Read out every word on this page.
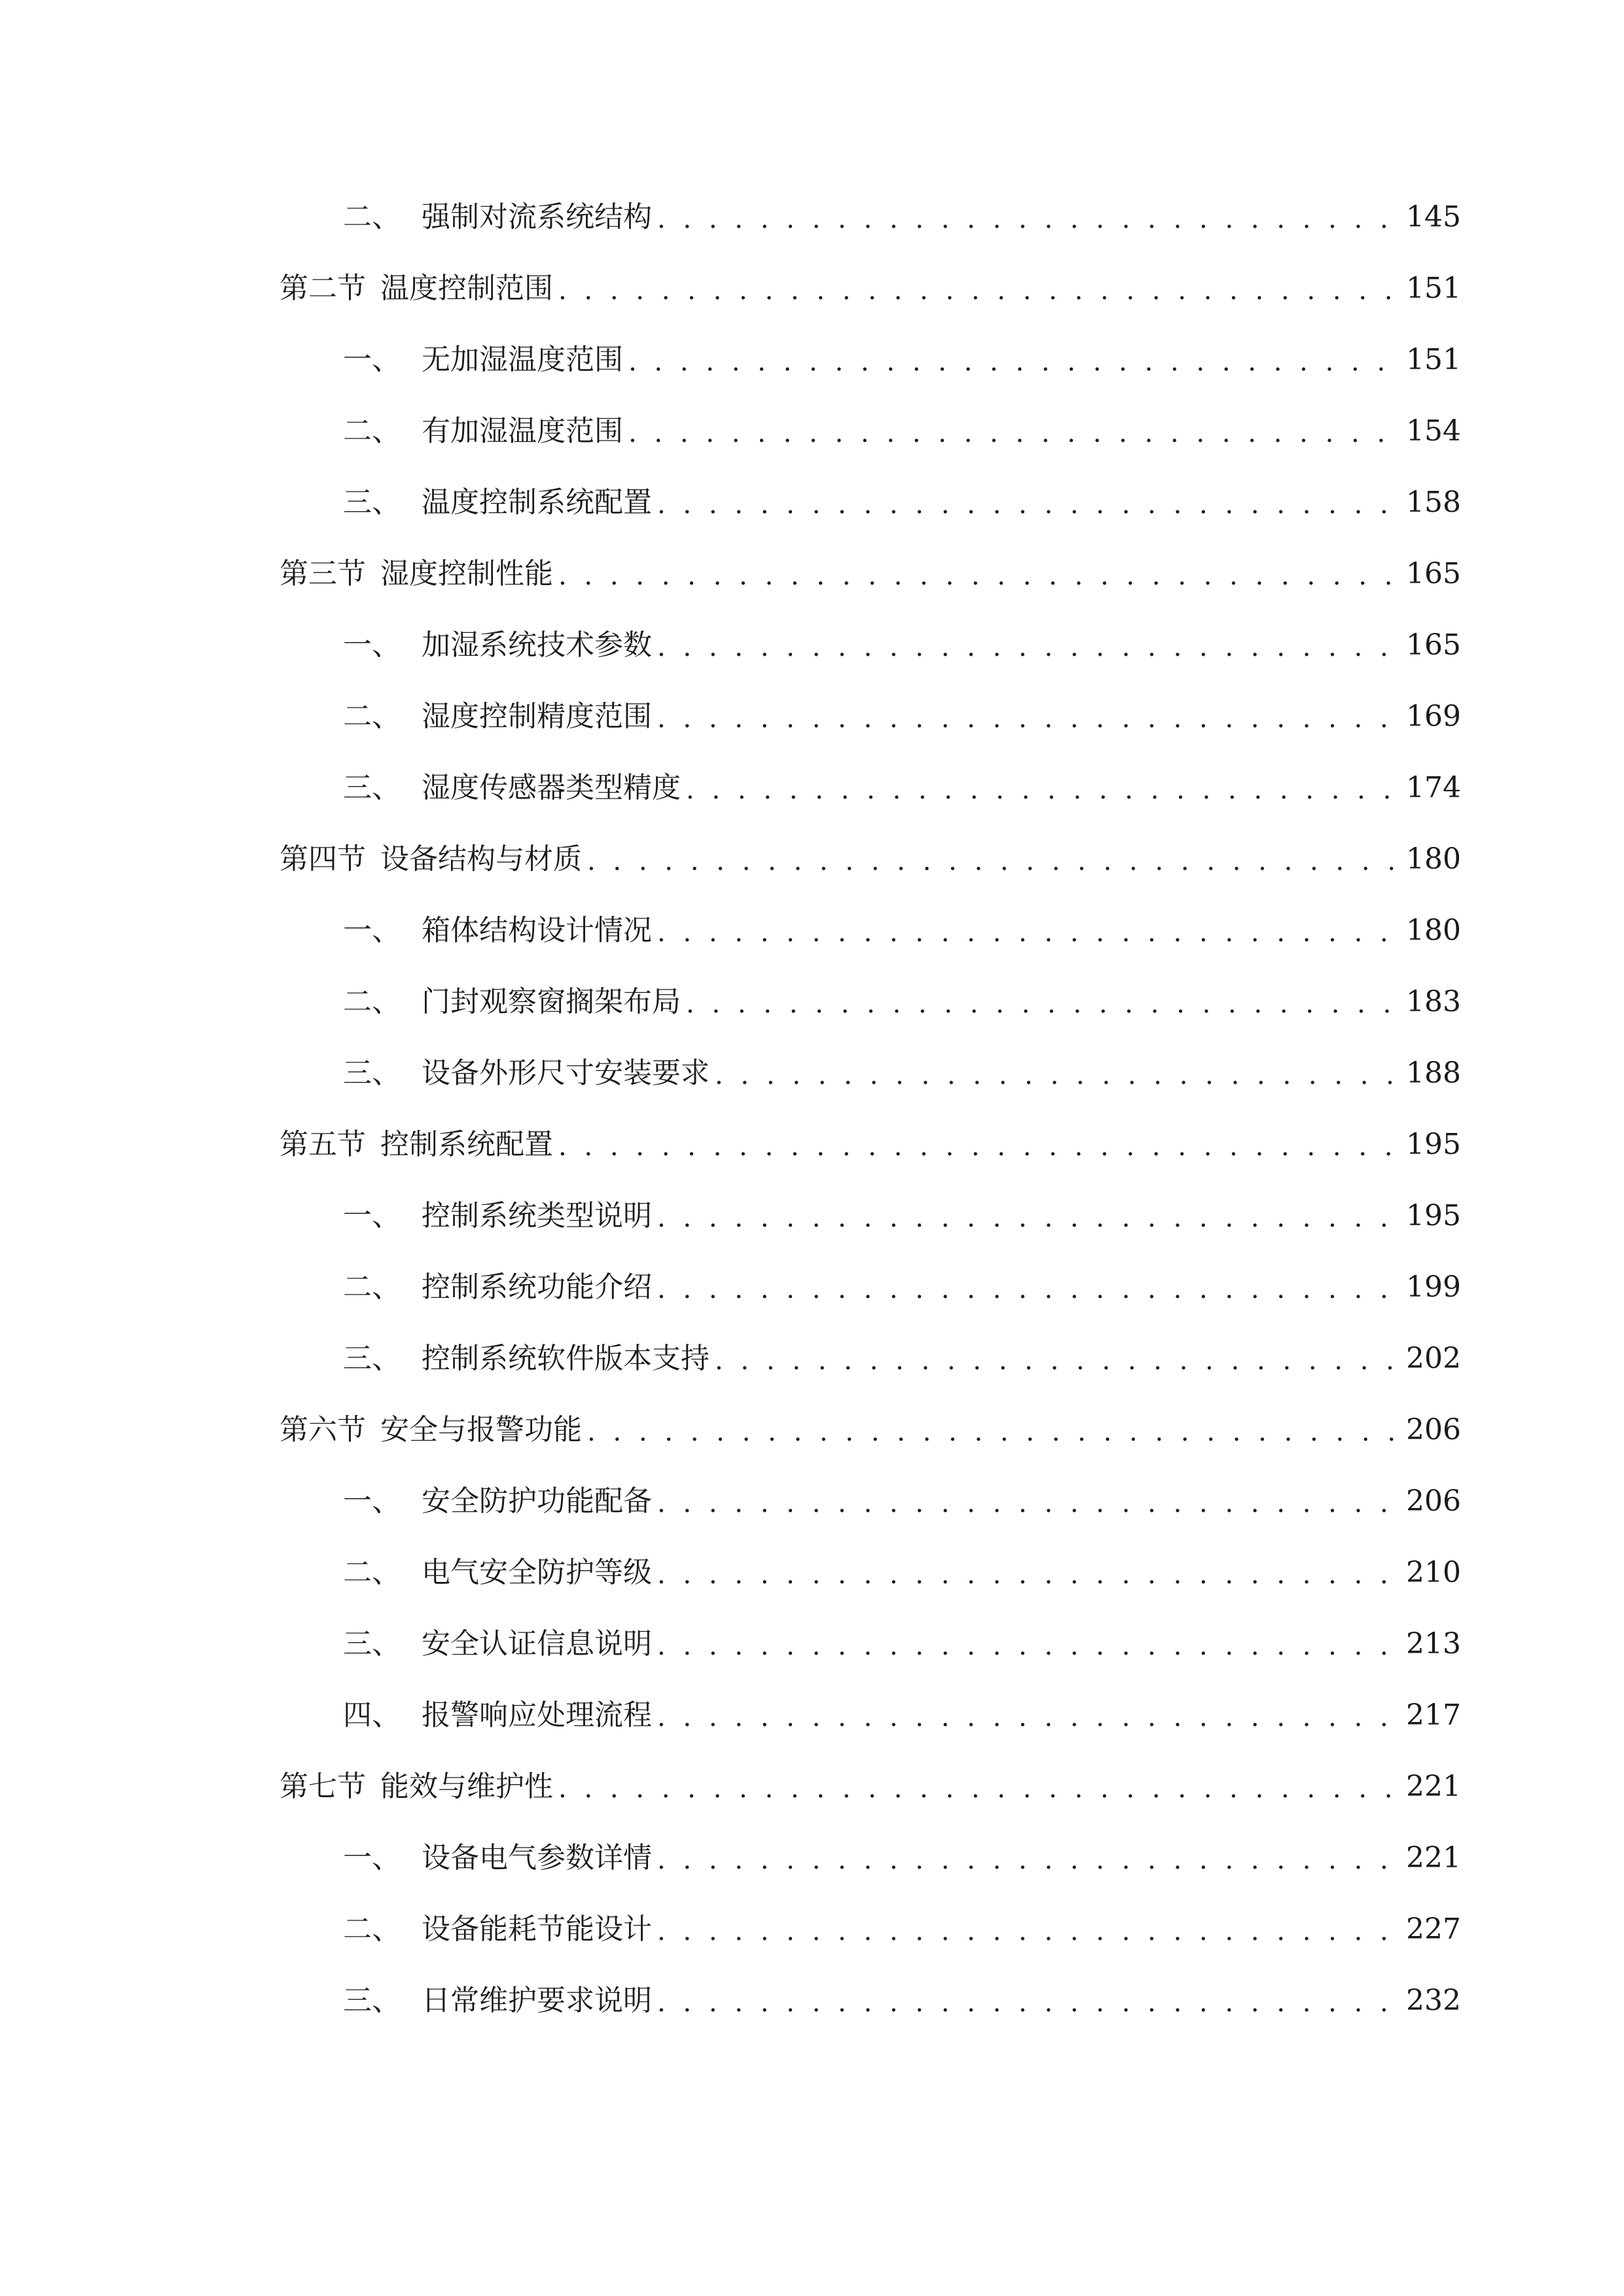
二、 强制对流系统结构 . . .	145
第二节 温度控制范围 . . .	151
一、 无加湿温度范围 . . .	151
二、 有加湿温度范围 . . .	154
三、 温度控制系统配置 . . .	158
第三节 湿度控制性能 . . .	165
一、 加湿系统技术参数 . . .	165
二、 湿度控制精度范围 . . .	169
三、 湿度传感器类型精度 . . .	174
第四节 设备结构与材质 . . .	180
一、 箱体结构设计情况 . . .	180
二、 门封观察窗搁架布局 . . .	183
三、 设备外形尺寸安装要求 . . .	188
第五节 控制系统配置 . . .	195
一、 控制系统类型说明 . . .	195
二、 控制系统功能介绍 . . .	199
三、 控制系统软件版本支持 . . .	202
第六节 安全与报警功能 . . .	206
一、 安全防护功能配备 . . .	206
二、 电气安全防护等级 . . .	210
三、 安全认证信息说明 . . .	213
四、 报警响应处理流程 . . .	217
第七节 能效与维护性 . . .	221
一、 设备电气参数详情 . . .	221
二、 设备能耗节能设计 . . .	227
三、 日常维护要求说明 . . .	232
